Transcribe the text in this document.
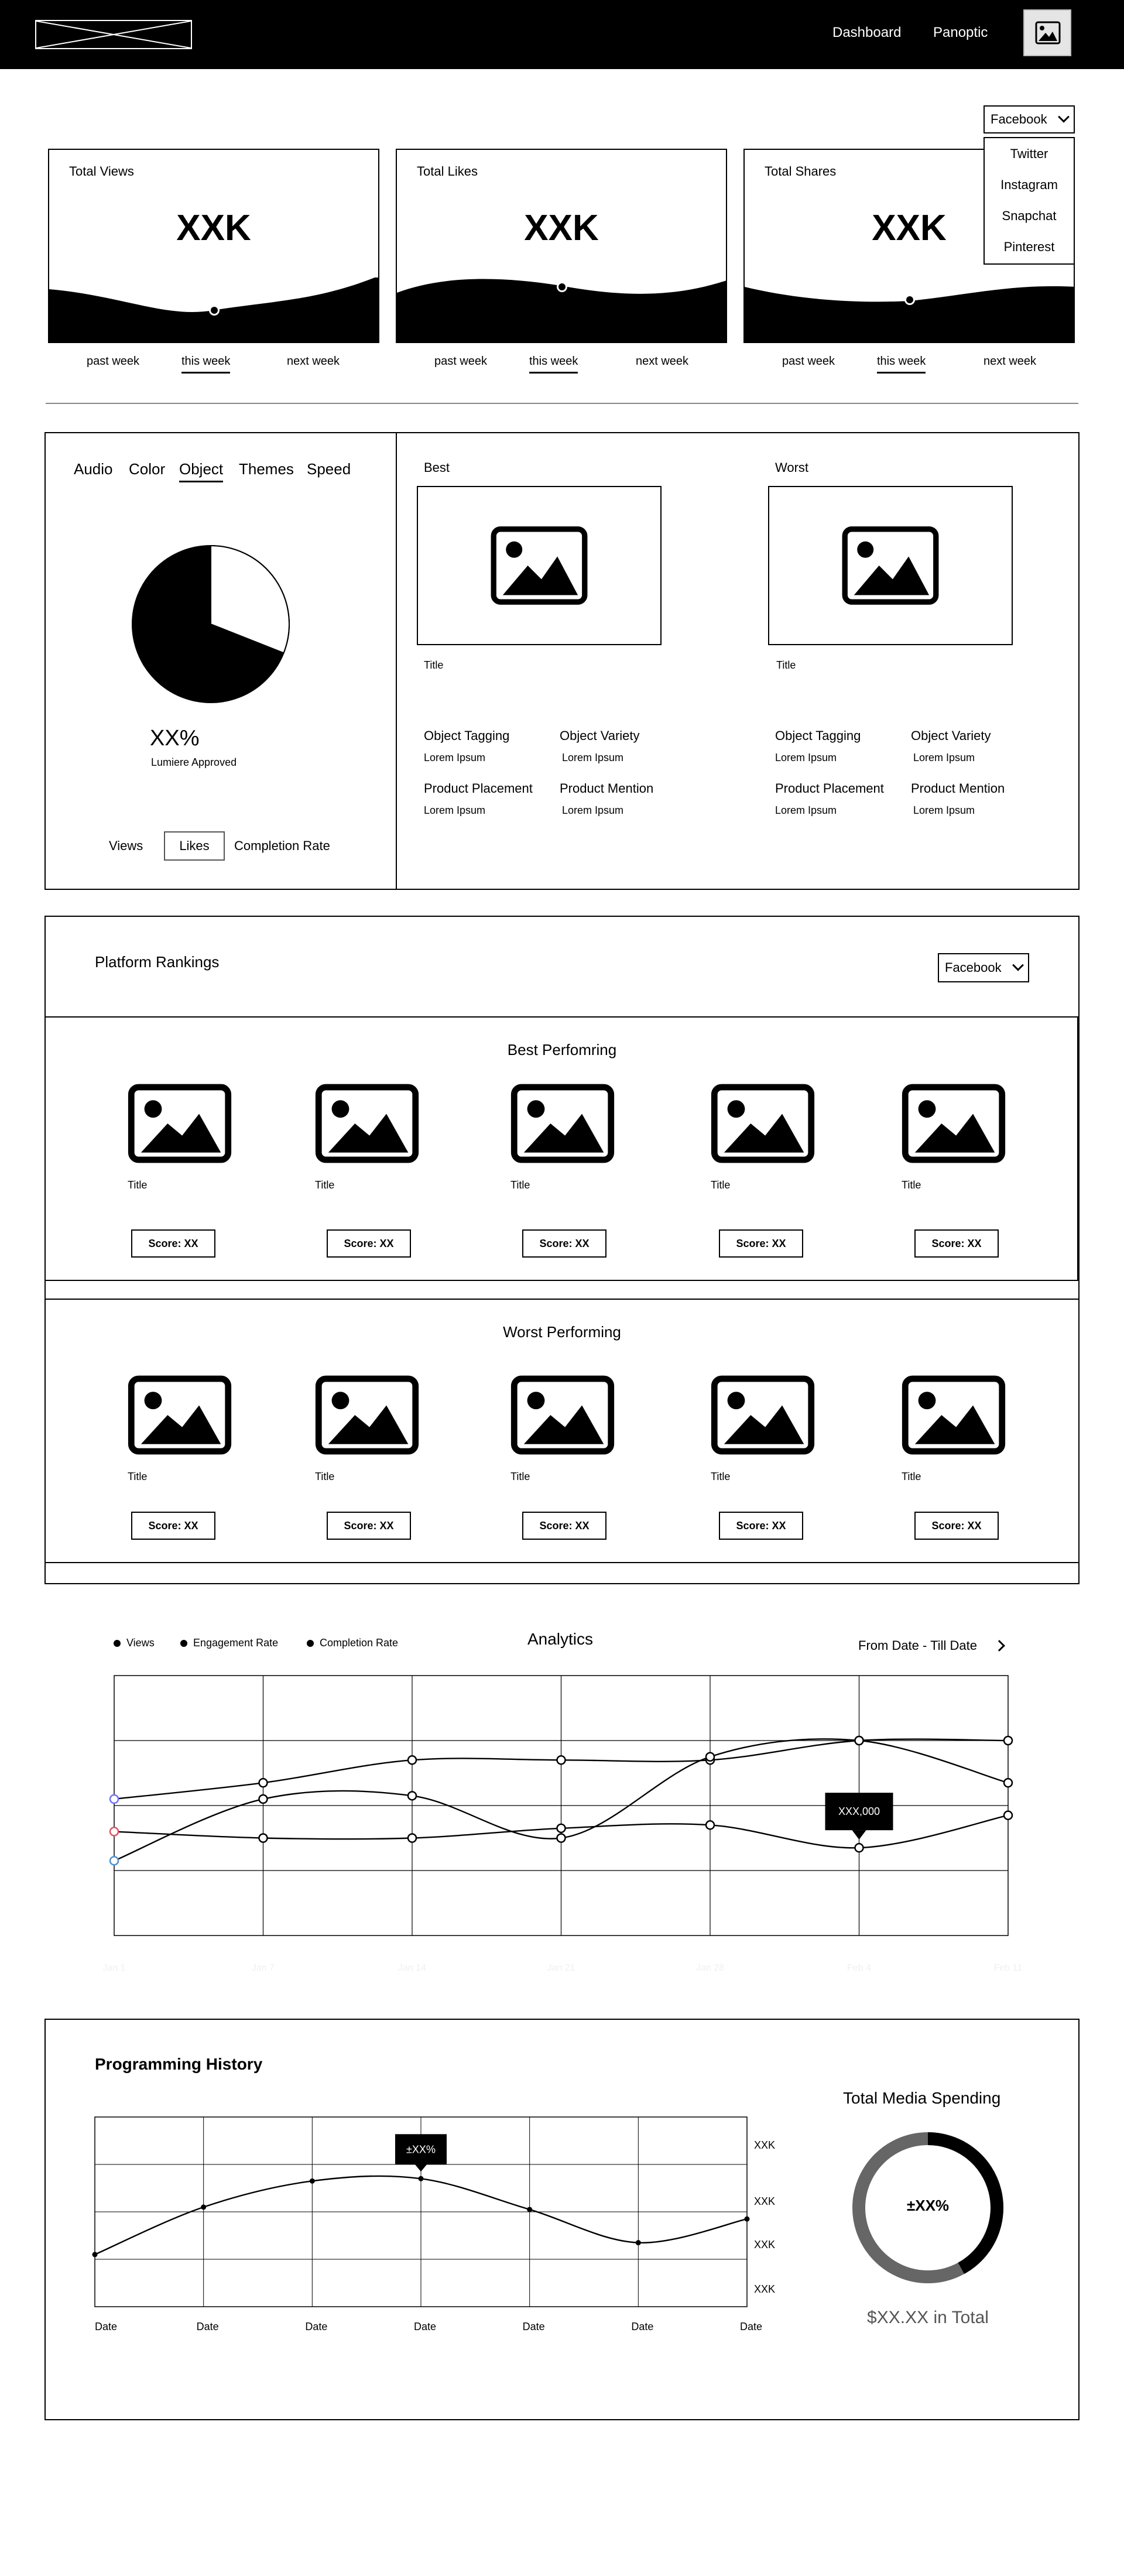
Dashboard Panoptic
Total Views
XXK
Total Likes
XXK
Total Shares
XXK
past week	this week	next week	past week	this week	next week	past week	this week	next week
Facebook
Twitter
Instagram
Snapchat
Pinterest
Audio Color Object Themes Speed
XX%
Lumiere Approved
Views	Likes	Completion Rate
Best
Title
Object Tagging
Lorem Ipsum
Object Variety
Lorem Ipsum
Product Placement
Lorem Ipsum
Product Mention
Lorem Ipsum
Worst
Title
Object Tagging
Lorem Ipsum
Object Variety
Lorem Ipsum
Product Placement
Lorem Ipsum
Product Mention
Lorem Ipsum
Platform Rankings	Facebook
Best Perfomring
Worst Performing
Title	Title	Title	Title	Title
Score: XX	Score: XX	Score: XX	Score: XX	Score: XX
Title	Title	Title	Title	Title
Score: XX	Score: XX	Score: XX	Score: XX	Score: XX
Views	Engagement Rate	Completion Rate	Analytics	From Date - Till Date
Jan 1	Jan 7	Jan 14	Jan 21	Jan 28	Feb 4	Feb 11
XXX,000
Programming History
Date	Date	Date	Date	Date	Date	Date
XXK
XXK
XXK
XXK
±XX%
Total Media Spending
±XX%
$XX.XX in Total
